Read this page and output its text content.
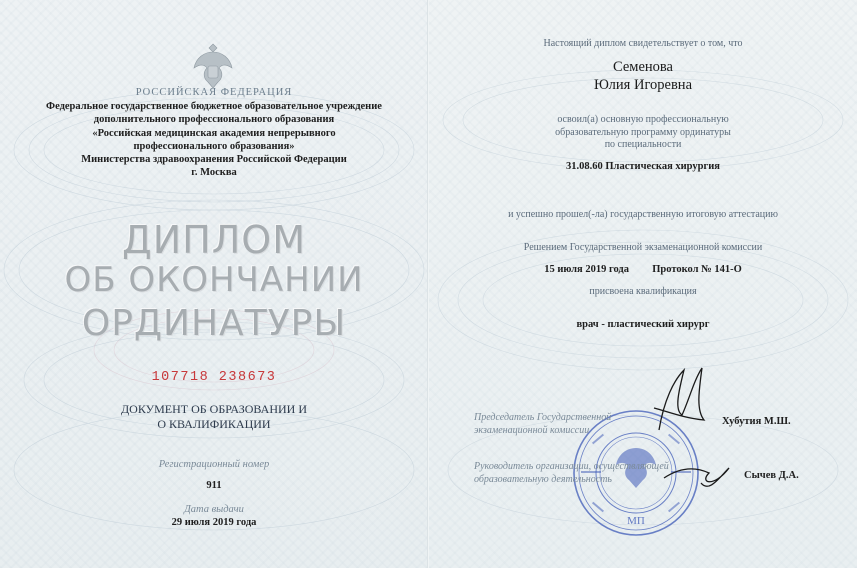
РОССИЙСКАЯ ФЕДЕРАЦИЯ
Федеральное государственное бюджетное образовательное учреждение
дополнительного профессионального образования
«Российская медицинская академия непрерывного
профессионального образования»
Министерства здравоохранения Российской Федерации
г. Москва
ДИПЛОМ
ОБ ОКОНЧАНИИ
ОРДИНАТУРЫ
107718 238673
ДОКУМЕНТ ОБ ОБРАЗОВАНИИ И
О КВАЛИФИКАЦИИ
Регистрационный номер
911
Дата выдачи
29 июля 2019 года
Настоящий диплом свидетельствует о том, что
Семенова
Юлия Игоревна
освоил(а) основную профессиональную
образовательную программу ординатуры
по специальности
31.08.60 Пластическая хирургия
и успешно прошел(-ла) государственную итоговую аттестацию
Решением Государственной экзаменационной комиссии
15 июля 2019 года Протокол № 141-О
присвоена квалификация
врач - пластический хирург
МП
Председатель Государственной
экзаменационной комиссии
Хубутия М.Ш.
Руководитель организации, осуществляющей
образовательную деятельность	Сычев Д.А.
